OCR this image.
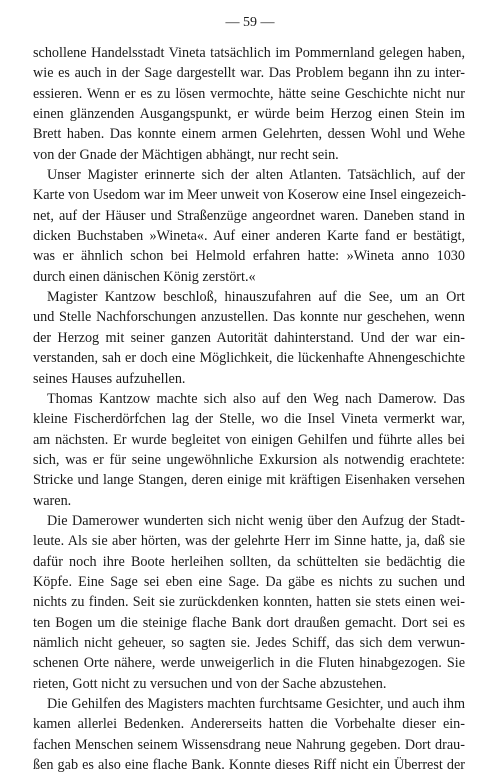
— 59 —
schollene Handelsstadt Vineta tatsächlich im Pommernland gelegen haben,
wie es auch in der Sage dargestellt war. Das Problem begann ihn zu inter-
essieren. Wenn er es zu lösen vermochte, hätte seine Geschichte nicht nur
einen glänzenden Ausgangspunkt, er würde beim Herzog einen Stein im
Brett haben. Das konnte einem armen Gelehrten, dessen Wohl und Wehe
von der Gnade der Mächtigen abhängt, nur recht sein.
Unser Magister erinnerte sich der alten Atlanten. Tatsächlich, auf der
Karte von Usedom war im Meer unweit von Koserow eine Insel eingezeich-
net, auf der Häuser und Straßenzüge angeordnet waren. Daneben stand in
dicken Buchstaben »Wineta«. Auf einer anderen Karte fand er bestätigt,
was er ähnlich schon bei Helmold erfahren hatte: »Wineta anno 1030
durch einen dänischen König zerstört.«
Magister Kantzow beschloß, hinauszufahren auf die See, um an Ort
und Stelle Nachforschungen anzustellen. Das konnte nur geschehen, wenn
der Herzog mit seiner ganzen Autorität dahinterstand. Und der war ein-
verstanden, sah er doch eine Möglichkeit, die lückenhafte Ahnengeschichte
seines Hauses aufzuhellen.
Thomas Kantzow machte sich also auf den Weg nach Damerow. Das
kleine Fischerdörfchen lag der Stelle, wo die Insel Vineta vermerkt war,
am nächsten. Er wurde begleitet von einigen Gehilfen und führte alles bei
sich, was er für seine ungewöhnliche Exkursion als notwendig erachtete:
Stricke und lange Stangen, deren einige mit kräftigen Eisenhaken versehen
waren.
Die Damerower wunderten sich nicht wenig über den Aufzug der Stadt-
leute. Als sie aber hörten, was der gelehrte Herr im Sinne hatte, ja, daß sie
dafür noch ihre Boote herleihen sollten, da schüttelten sie bedächtig die
Köpfe. Eine Sage sei eben eine Sage. Da gäbe es nichts zu suchen und
nichts zu finden. Seit sie zurückdenken konnten, hatten sie stets einen wei-
ten Bogen um die steinige flache Bank dort draußen gemacht. Dort sei es
nämlich nicht geheuer, so sagten sie. Jedes Schiff, das sich dem verwun-
schenen Orte nähere, werde unweigerlich in die Fluten hinabgezogen. Sie
rieten, Gott nicht zu versuchen und von der Sache abzustehen.
Die Gehilfen des Magisters machten furchtsame Gesichter, und auch ihm
kamen allerlei Bedenken. Andererseits hatten die Vorbehalte dieser ein-
fachen Menschen seinem Wissensdrang neue Nahrung gegeben. Dort drau-
ßen gab es also eine flache Bank. Konnte dieses Riff nicht ein Überrest der
